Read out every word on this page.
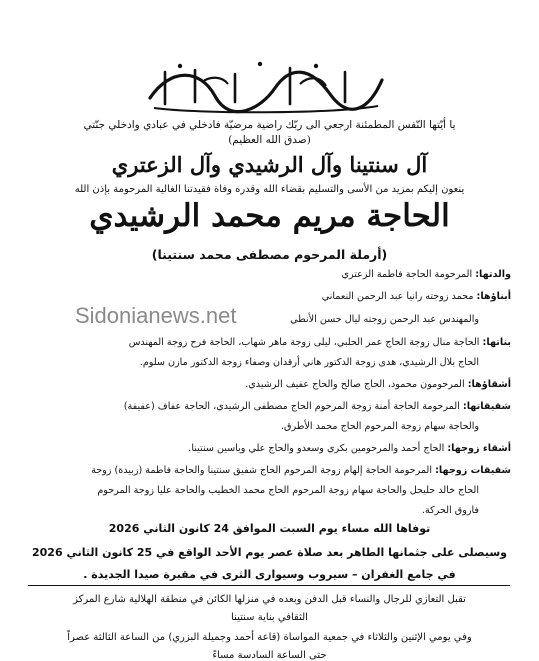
يا أيّتها النّفس المطمئنة ارجعي الى ربّك راضية مرضيّة فادخلي في عبادي وادخلي جنّتي
(صدق الله العظيم)
آل سنتينا وآل الرشيدي وآل الزعتري
ينعون إليكم بمزيد من الأسى والتسليم بقضاء الله وقدره وفاة فقيدتنا الغالية المرحومة بإذن الله
الحاجة مريم محمد الرشيدي
(أرملة المرحوم مصطفى محمد سنتينا)
والدتها: المرحومة الحاجة فاطمة الزعتري
أبناؤها: محمد زوجته رانيا عبد الرحمن النعماني
والمهندس عبد الرحمن زوجته ليال حسن الأنطي
بناتها: الحاجة منال زوجة الحاج عمر الحلبي، ليلى زوجة ماهر شهاب، الحاجة فرح زوجة المهندس
الحاج بلال الرشيدي، هدى زوجة الدكتور هاني أرقدان وصفاء زوجة الدكتور مازن سلوم.
أشقاؤها: المرحومون محمود، الحاج صالح والحاج عفيف الرشيدي.
شقيقاتها: المرحومة الحاجة أمنة زوجة المرحوم الحاج مصطفى الرشيدي، الحاجة عفاف (عفيفة)
والحاجة سهام زوجة المرحوم الحاج محمد الأطرق.
أشقاء زوجها: الحاج أحمد والمرحومين بكري وسعدو والحاج علي وياسين سنتينا.
شقيقات زوجها: المرحومة الحاجة إلهام زوجة المرحوم الحاج شفيق سنتينا والحاجة فاطمة (زبيدة) زوجة
الحاج خالد حليحل والحاجة سهام زوجة المرحوم الحاج محمد الخطيب والحاجة عليا زوجة المرحوم
فاروق الحركة.
Sidonianews.net
توفاها الله مساء يوم السبت الموافق 24 كانون الثاني 2026
وسيصلى على جثمانها الطاهر بعد صلاة عصر يوم الأحد الواقع في 25 كانون الثاني 2026
في جامع الغفران – سيروب وسيوارى الثرى في مقبرة صيدا الجديدة .
تقبل التعازي للرجال والنساء قبل الدفن وبعده في منزلها الكائن في منطقة الهلالية شارع المركز
الثقافي بناية سنتينا
وفي يومي الإثنين والثلاثاء في جمعية المواساة (قاعة أحمد وجميلة البزري) من الساعة الثالثة عصراً
حتى الساعة السادسة مساءً
